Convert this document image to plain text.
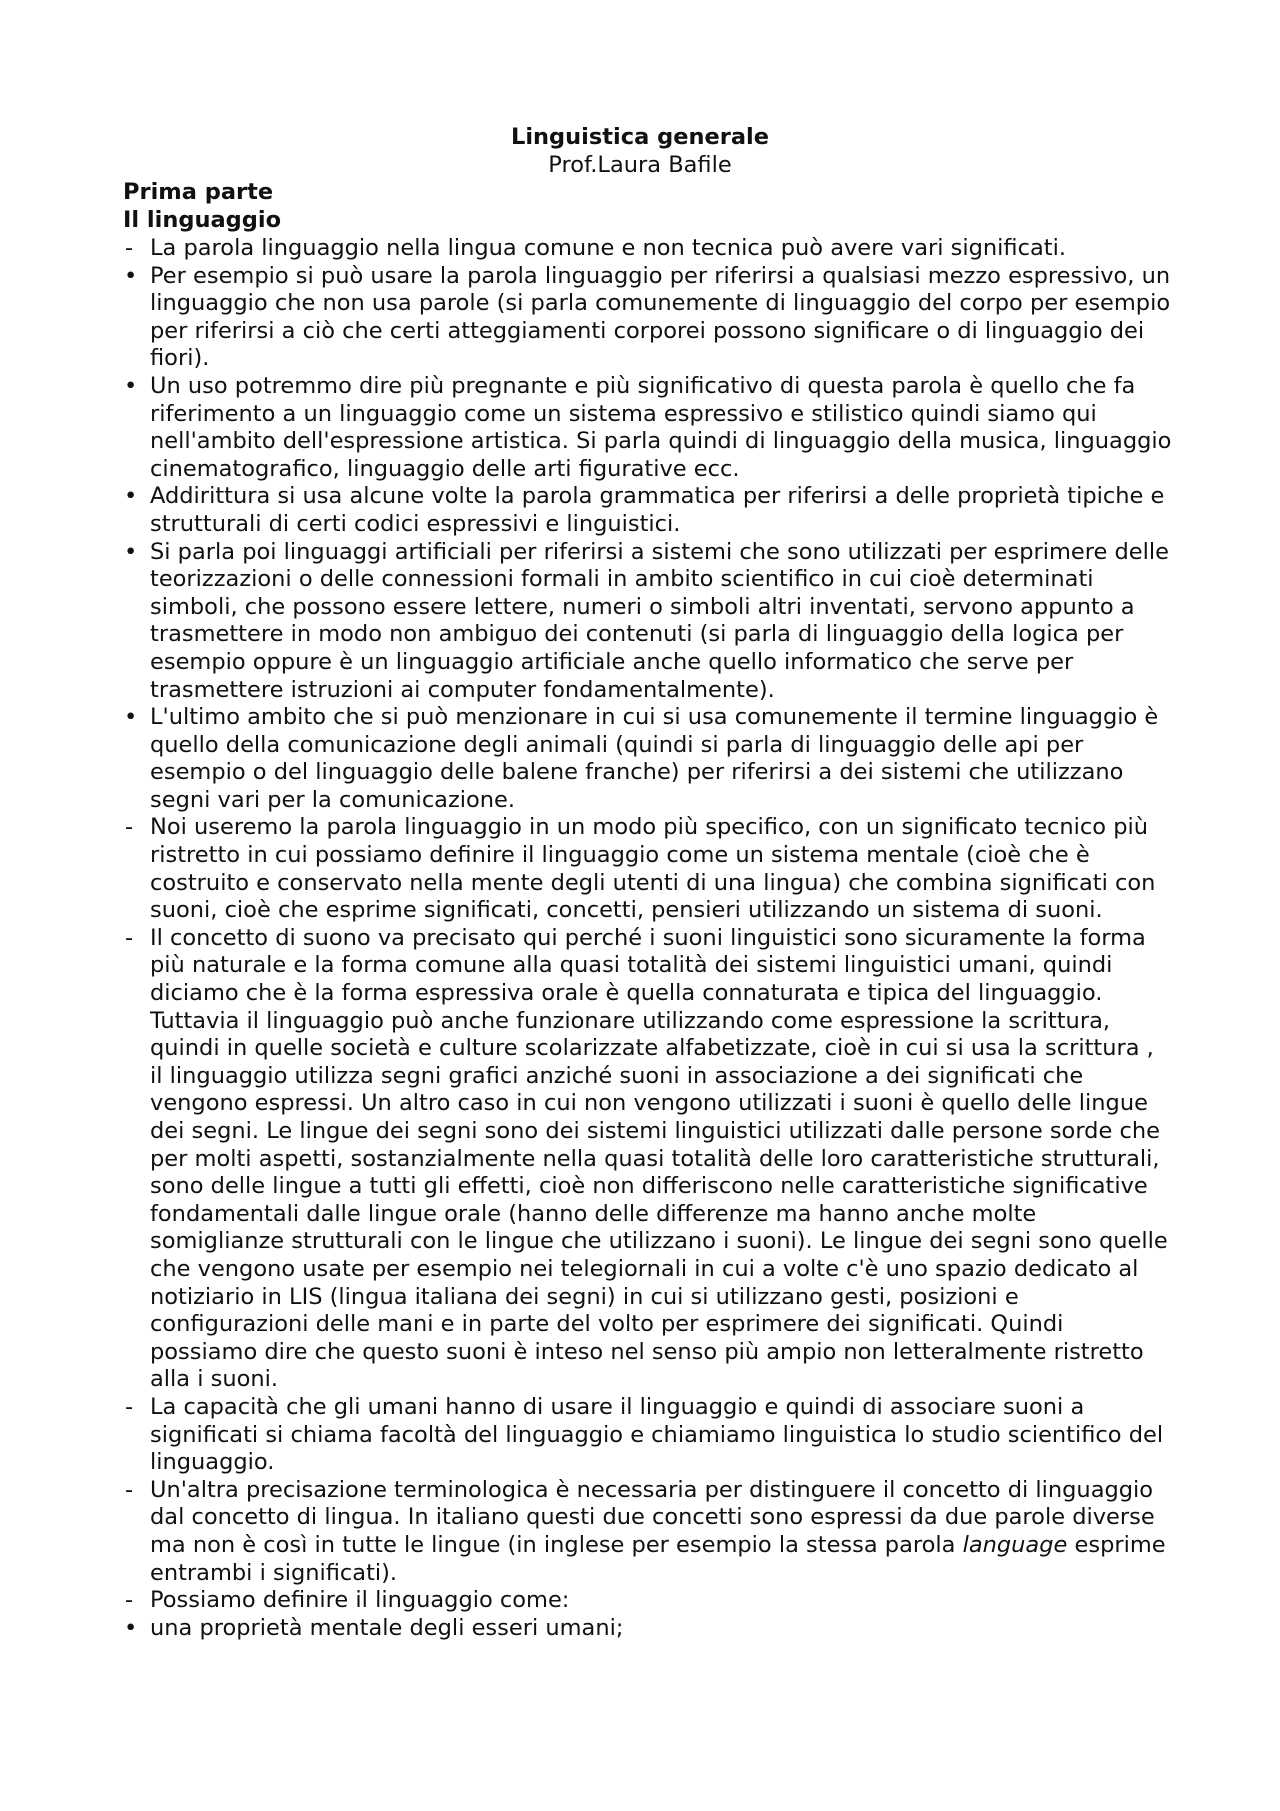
Linguistica generale
Prof.Laura Bafile
Prima parte
Il linguaggio
- La parola linguaggio nella lingua comune e non tecnica può avere vari significati.
• Per esempio si può usare la parola linguaggio per riferirsi a qualsiasi mezzo espressivo, un linguaggio che non usa parole (si parla comunemente di linguaggio del corpo per esempio per riferirsi a ciò che certi atteggiamenti corporei possono significare o di linguaggio dei fiori).
• Un uso potremmo dire più pregnante e più significativo di questa parola è quello che fa riferimento a un linguaggio come un sistema espressivo e stilistico quindi siamo qui nell'ambito dell'espressione artistica. Si parla quindi di linguaggio della musica, linguaggio cinematografico, linguaggio delle arti figurative ecc.
• Addirittura si usa alcune volte la parola grammatica per riferirsi a delle proprietà tipiche e strutturali di certi codici espressivi e linguistici.
• Si parla poi linguaggi artificiali per riferirsi a sistemi che sono utilizzati per esprimere delle teorizzazioni o delle connessioni formali in ambito scientifico in cui cioè determinati simboli, che possono essere lettere, numeri o simboli altri inventati, servono appunto a trasmettere in modo non ambiguo dei contenuti (si parla di linguaggio della logica per esempio oppure è un linguaggio artificiale anche quello informatico che serve per trasmettere istruzioni ai computer fondamentalmente).
• L'ultimo ambito che si può menzionare in cui si usa comunemente il termine linguaggio è quello della comunicazione degli animali (quindi si parla di linguaggio delle api per esempio o del linguaggio delle balene franche) per riferirsi a dei sistemi che utilizzano segni vari per la comunicazione.
- Noi useremo la parola linguaggio in un modo più specifico, con un significato tecnico più ristretto in cui possiamo definire il linguaggio come un sistema mentale (cioè che è costruito e conservato nella mente degli utenti di una lingua) che combina significati con suoni, cioè che esprime significati, concetti, pensieri utilizzando un sistema di suoni.
- Il concetto di suono va precisato qui perché i suoni linguistici sono sicuramente la forma più naturale e la forma comune alla quasi totalità dei sistemi linguistici umani, quindi diciamo che è la forma espressiva orale è quella connaturata e tipica del linguaggio. Tuttavia il linguaggio può anche funzionare utilizzando come espressione la scrittura, quindi in quelle società e culture scolarizzate alfabetizzate, cioè in cui si usa la scrittura , il linguaggio utilizza segni grafici anziché suoni in associazione a dei significati che vengono espressi. Un altro caso in cui non vengono utilizzati i suoni è quello delle lingue dei segni. Le lingue dei segni sono dei sistemi linguistici utilizzati dalle persone sorde che per molti aspetti, sostanzialmente nella quasi totalità delle loro caratteristiche strutturali, sono delle lingue a tutti gli effetti, cioè non differiscono nelle caratteristiche significative fondamentali dalle lingue orale (hanno delle differenze ma hanno anche molte somiglianze strutturali con le lingue che utilizzano i suoni). Le lingue dei segni sono quelle che vengono usate per esempio nei telegiornali in cui a volte c'è uno spazio dedicato al notiziario in LIS (lingua italiana dei segni) in cui si utilizzano gesti, posizioni e configurazioni delle mani e in parte del volto per esprimere dei significati. Quindi possiamo dire che questo suoni è inteso nel senso più ampio non letteralmente ristretto alla i suoni.
- La capacità che gli umani hanno di usare il linguaggio e quindi di associare suoni a significati si chiama facoltà del linguaggio e chiamiamo linguistica lo studio scientifico del linguaggio.
- Un'altra precisazione terminologica è necessaria per distinguere il concetto di linguaggio dal concetto di lingua. In italiano questi due concetti sono espressi da due parole diverse ma non è così in tutte le lingue (in inglese per esempio la stessa parola language esprime entrambi i significati).
- Possiamo definire il linguaggio come:
• una proprietà mentale degli esseri umani;
